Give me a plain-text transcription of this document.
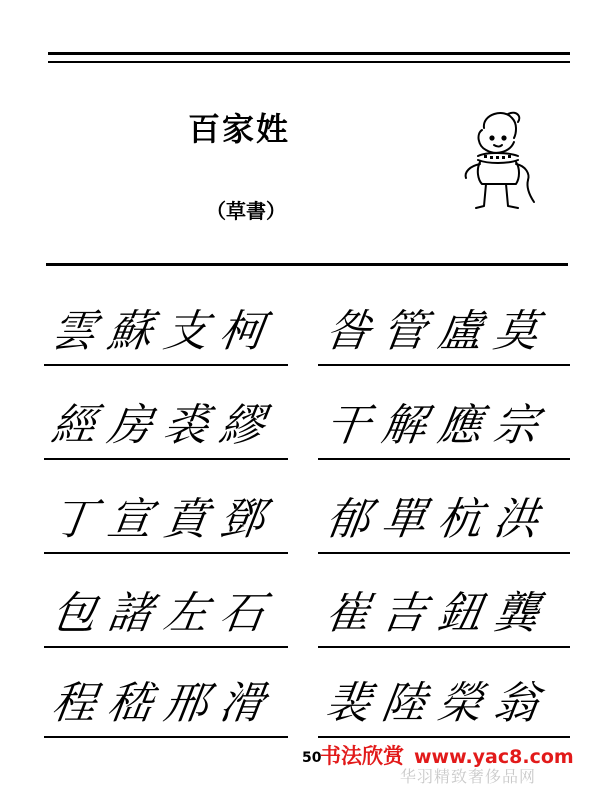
百家姓
（草書）
雲蘇支柯
經房裘繆
丁宣賁鄧
包諸左石
程嵇邢滑
昝管盧莫
干解應宗
郁單杭洪
崔吉鈕龔
裴陸榮翁
50
书法欣赏 www.yac8.com
华羽精致奢侈品网
